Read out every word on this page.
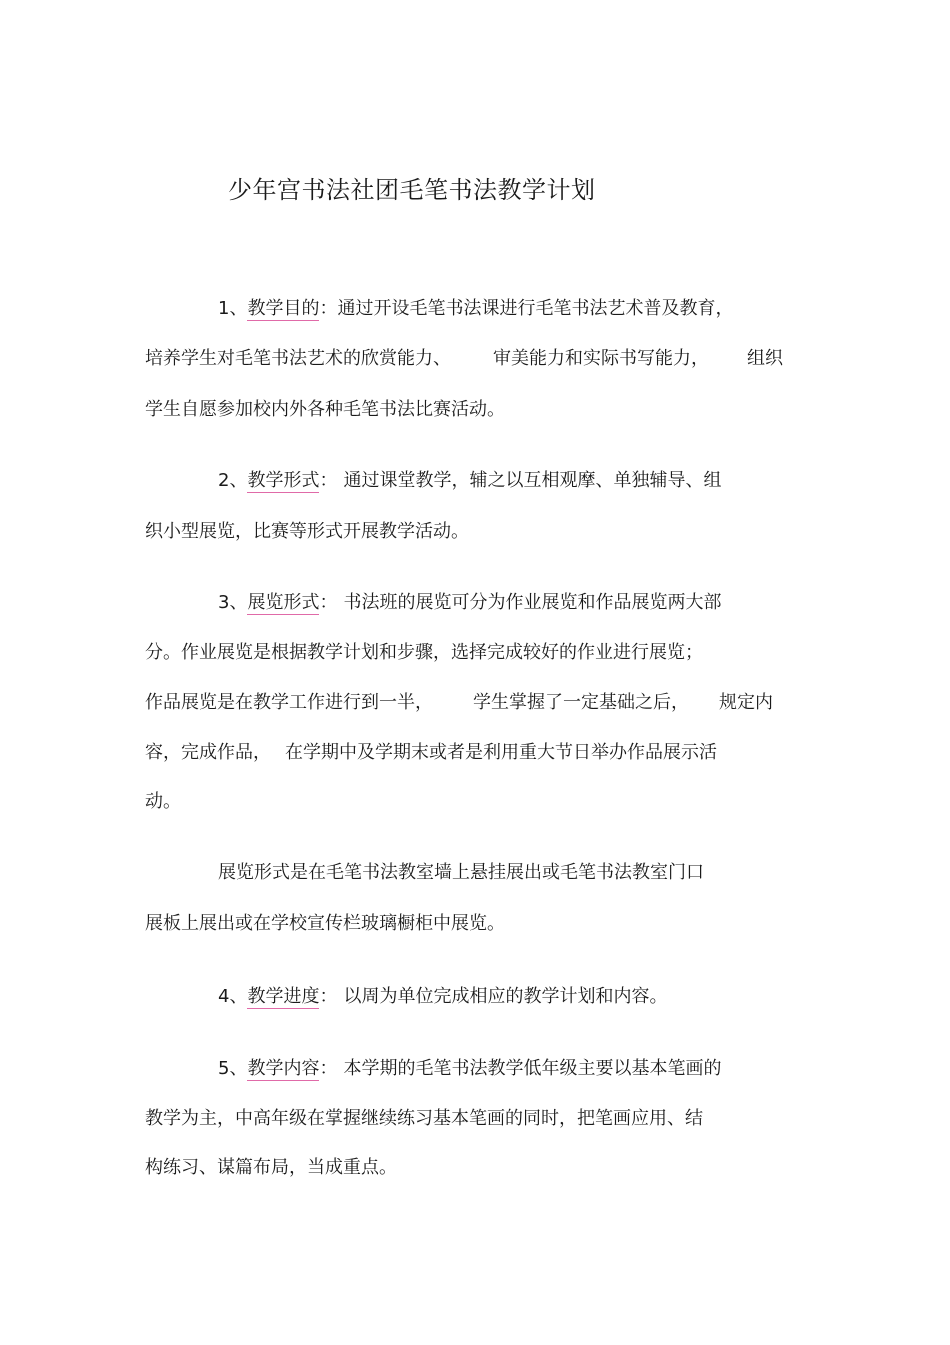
少年宫书法社团毛笔书法教学计划
1、教学目的：通过开设毛笔书法课进行毛笔书法艺术普及教育，
培养学生对毛笔书法艺术的欣赏能力、 审美能力和实际书写能力， 组织
学生自愿参加校内外各种毛笔书法比赛活动。
2、教学形式： 通过课堂教学，辅之以互相观摩、单独辅导、组
织小型展览，比赛等形式开展教学活动。
3、展览形式： 书法班的展览可分为作业展览和作品展览两大部
分。作业展览是根据教学计划和步骤，选择完成较好的作业进行展览；
作品展览是在教学工作进行到一半， 学生掌握了一定基础之后， 规定内
容，完成作品， 在学期中及学期末或者是利用重大节日举办作品展示活
动。
展览形式是在毛笔书法教室墙上悬挂展出或毛笔书法教室门口
展板上展出或在学校宣传栏玻璃橱柜中展览。
4、教学进度： 以周为单位完成相应的教学计划和内容。
5、教学内容： 本学期的毛笔书法教学低年级主要以基本笔画的
教学为主，中高年级在掌握继续练习基本笔画的同时，把笔画应用、结
构练习、谋篇布局，当成重点。
